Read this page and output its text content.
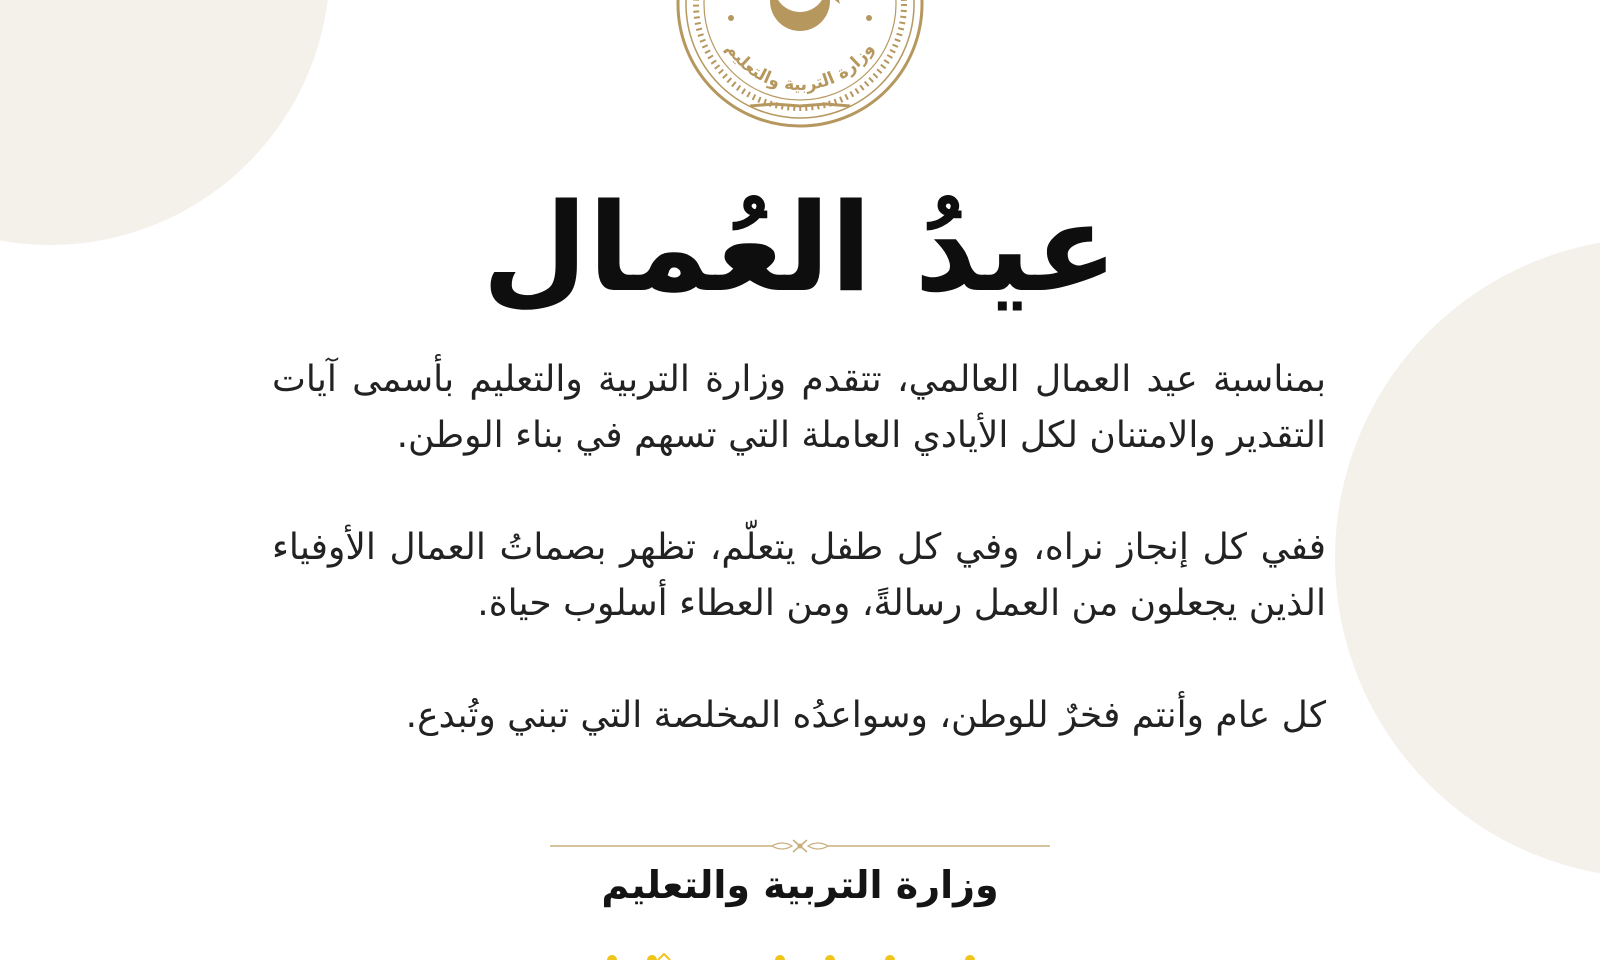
وزارة التربية والتعليم
عيدُ العُمال

بمناسبة عيد العمال العالمي، تتقدم وزارة التربية والتعليم بأسمى آيات التقدير والامتنان لكل الأيادي العاملة التي تسهم في بناء الوطن.

ففي كل إنجاز نراه، وفي كل طفل يتعلّم، تظهر بصماتُ العمال الأوفياء الذين يجعلون من العمل رسالةً، ومن العطاء أسلوب حياة.

كل عام وأنتم فخرٌ للوطن، وسواعدُه المخلصة التي تبني وتُبدع.

وزارة التربية والتعليم
